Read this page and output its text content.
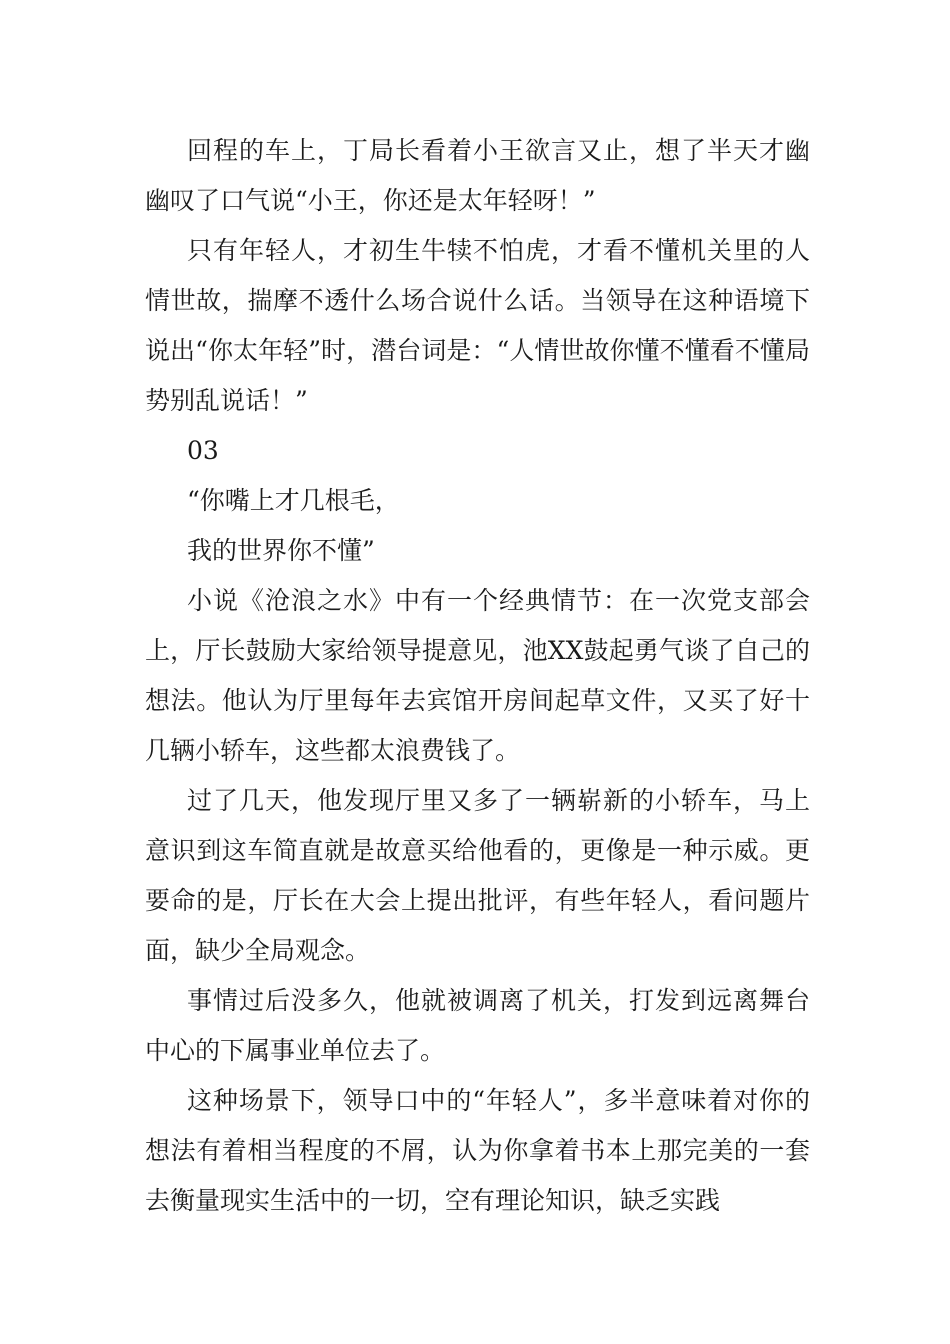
回程的车上，丁局长看着小王欲言又止，想了半天才幽幽叹了口气说“小王，你还是太年轻呀！”

只有年轻人，才初生牛犊不怕虎，才看不懂机关里的人情世故，揣摩不透什么场合说什么话。当领导在这种语境下说出“你太年轻”时，潜台词是：“人情世故你懂不懂看不懂局势别乱说话！”

03

“你嘴上才几根毛，

我的世界你不懂”

小说《沧浪之水》中有一个经典情节：在一次党支部会上，厅长鼓励大家给领导提意见，池XX鼓起勇气谈了自己的想法。他认为厅里每年去宾馆开房间起草文件，又买了好十几辆小轿车，这些都太浪费钱了。

过了几天，他发现厅里又多了一辆崭新的小轿车，马上意识到这车简直就是故意买给他看的，更像是一种示威。更要命的是，厅长在大会上提出批评，有些年轻人，看问题片面，缺少全局观念。

事情过后没多久，他就被调离了机关，打发到远离舞台中心的下属事业单位去了。

这种场景下，领导口中的“年轻人”，多半意味着对你的想法有着相当程度的不屑，认为你拿着书本上那完美的一套去衡量现实生活中的一切，空有理论知识，缺乏实践
